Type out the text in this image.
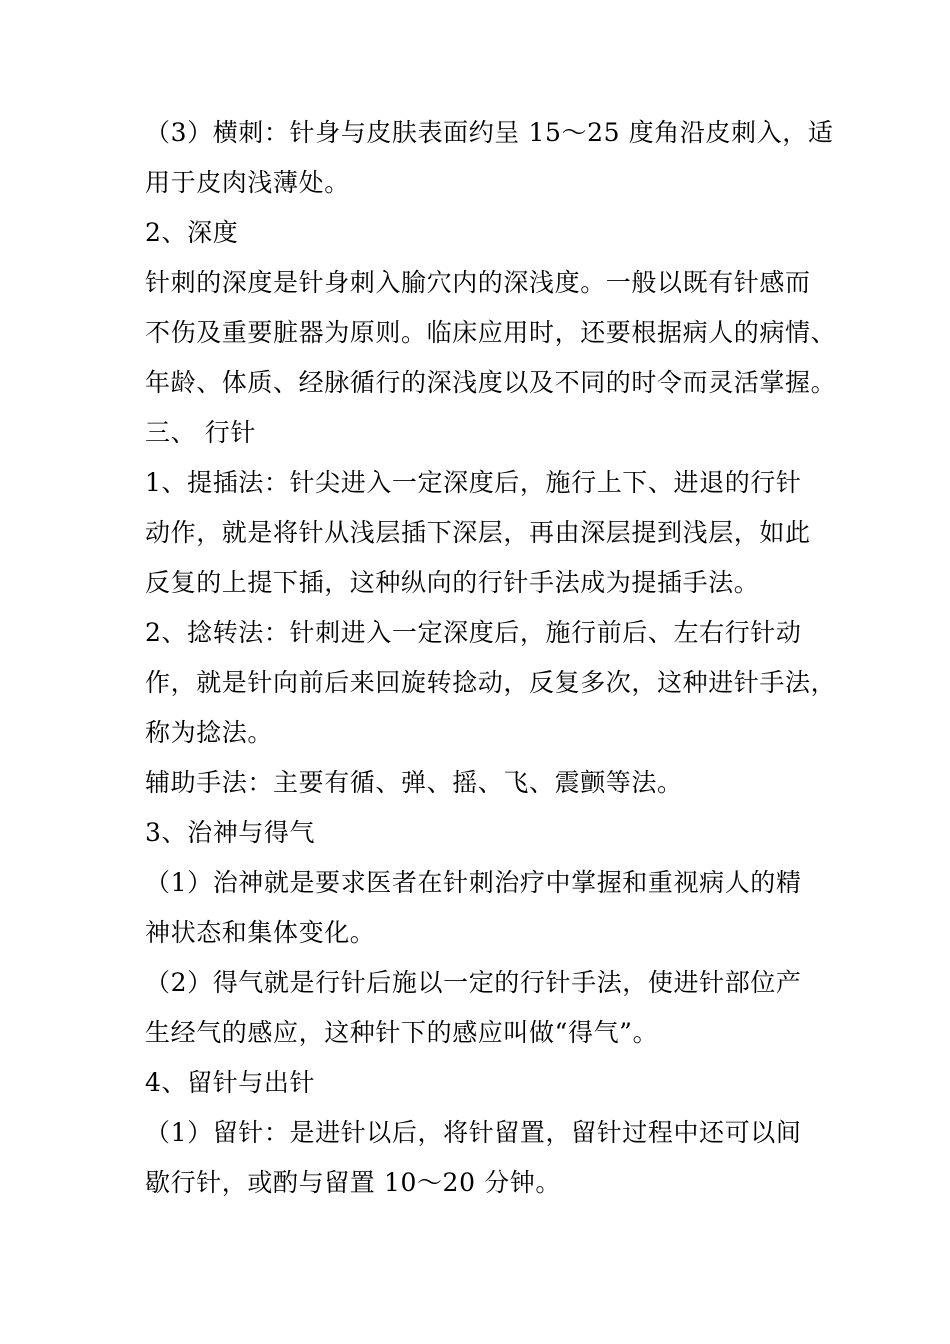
（3）横刺：针身与皮肤表面约呈 15～25 度角沿皮刺入，适
用于皮肉浅薄处。
2、深度
针刺的深度是针身刺入腧穴内的深浅度。一般以既有针感而
不伤及重要脏器为原则。临床应用时，还要根据病人的病情、
年龄、体质、经脉循行的深浅度以及不同的时令而灵活掌握。
三、 行针
1、提插法：针尖进入一定深度后，施行上下、进退的行针
动作，就是将针从浅层插下深层，再由深层提到浅层，如此
反复的上提下插，这种纵向的行针手法成为提插手法。
2、捻转法：针刺进入一定深度后，施行前后、左右行针动
作，就是针向前后来回旋转捻动，反复多次，这种进针手法，
称为捻法。
辅助手法：主要有循、弹、摇、飞、震颤等法。
3、治神与得气
（1）治神就是要求医者在针刺治疗中掌握和重视病人的精
神状态和集体变化。
（2）得气就是行针后施以一定的行针手法，使进针部位产
生经气的感应，这种针下的感应叫做“得气”。
4、留针与出针
（1）留针：是进针以后，将针留置，留针过程中还可以间
歇行针，或酌与留置 10～20 分钟。
